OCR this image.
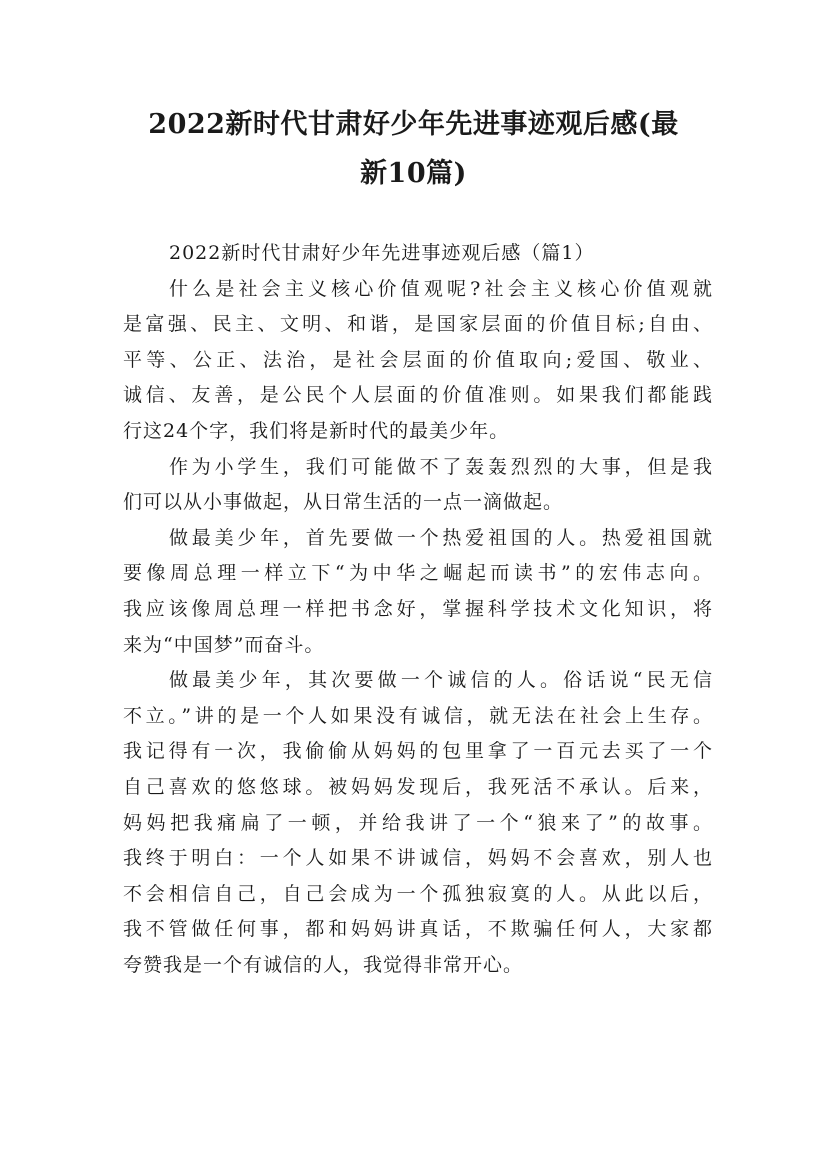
2022新时代甘肃好少年先进事迹观后感(最
新10篇)
2022新时代甘肃好少年先进事迹观后感（篇1）
什么是社会主义核心价值观呢?社会主义核心价值观就
是富强、民主、文明、和谐，是国家层面的价值目标;自由、
平等、公正、法治，是社会层面的价值取向;爱国、敬业、
诚信、友善，是公民个人层面的价值准则。如果我们都能践
行这24个字，我们将是新时代的最美少年。
作为小学生，我们可能做不了轰轰烈烈的大事，但是我
们可以从小事做起，从日常生活的一点一滴做起。
做最美少年，首先要做一个热爱祖国的人。热爱祖国就
要像周总理一样立下“为中华之崛起而读书”的宏伟志向。
我应该像周总理一样把书念好，掌握科学技术文化知识，将
来为“中国梦”而奋斗。
做最美少年，其次要做一个诚信的人。俗话说“民无信
不立。”讲的是一个人如果没有诚信，就无法在社会上生存。
我记得有一次，我偷偷从妈妈的包里拿了一百元去买了一个
自己喜欢的悠悠球。被妈妈发现后，我死活不承认。后来，
妈妈把我痛扁了一顿，并给我讲了一个“狼来了”的故事。
我终于明白：一个人如果不讲诚信，妈妈不会喜欢，别人也
不会相信自己，自己会成为一个孤独寂寞的人。从此以后，
我不管做任何事，都和妈妈讲真话，不欺骗任何人，大家都
夸赞我是一个有诚信的人，我觉得非常开心。
